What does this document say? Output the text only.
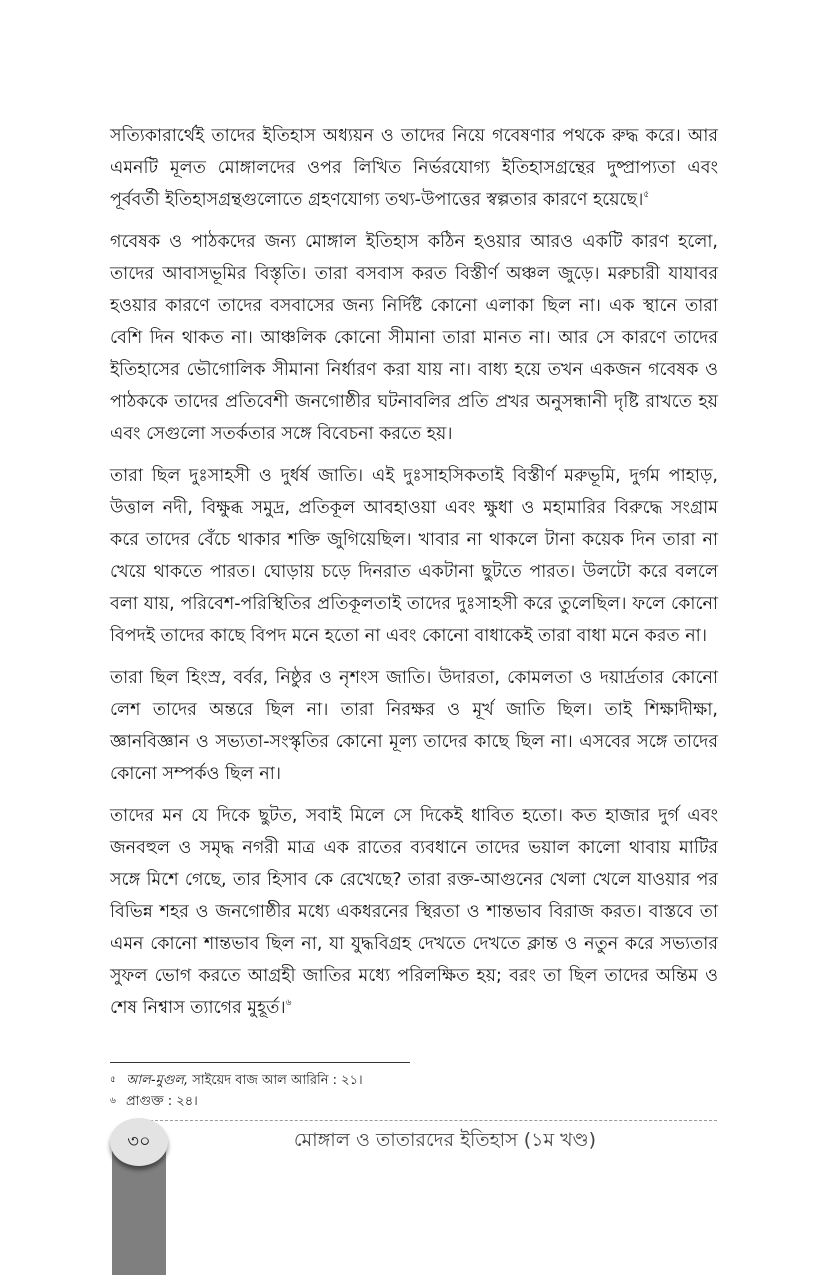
সত্যিকারার্থেই তাদের ইতিহাস অধ্যয়ন ও তাদের নিয়ে গবেষণার পথকে রুদ্ধ করে। আর এমনটি মূলত মোঙ্গালদের ওপর লিখিত নির্ভরযোগ্য ইতিহাসগ্রন্থের দুষ্প্রাপ্যতা এবং পূর্ববর্তী ইতিহাসগ্রন্থগুলোতে গ্রহণযোগ্য তথ্য-উপাত্তের স্বল্পতার কারণে হয়েছে।$^৫$

গবেষক ও পাঠকদের জন্য মোঙ্গাল ইতিহাস কঠিন হওয়ার আরও একটি কারণ হলো, তাদের আবাসভূমির বিস্তৃতি। তারা বসবাস করত বিস্তীর্ণ অঞ্চল জুড়ে। মরুচারী যাযাবর হওয়ার কারণে তাদের বসবাসের জন্য নির্দিষ্ট কোনো এলাকা ছিল না। এক স্থানে তারা বেশি দিন থাকত না। আঞ্চলিক কোনো সীমানা তারা মানত না। আর সে কারণে তাদের ইতিহাসের ভৌগোলিক সীমানা নির্ধারণ করা যায় না। বাধ্য হয়ে তখন একজন গবেষক ও পাঠককে তাদের প্রতিবেশী জনগোষ্ঠীর ঘটনাবলির প্রতি প্রখর অনুসন্ধানী দৃষ্টি রাখতে হয় এবং সেগুলো সতর্কতার সঙ্গে বিবেচনা করতে হয়।

তারা ছিল দুঃসাহসী ও দুর্ধর্ষ জাতি। এই দুঃসাহসিকতাই বিস্তীর্ণ মরুভূমি, দুর্গম পাহাড়, উত্তাল নদী, বিক্ষুব্ধ সমুদ্র, প্রতিকূল আবহাওয়া এবং ক্ষুধা ও মহামারির বিরুদ্ধে সংগ্রাম করে তাদের বেঁচে থাকার শক্তি জুগিয়েছিল। খাবার না থাকলে টানা কয়েক দিন তারা না খেয়ে থাকতে পারত। ঘোড়ায় চড়ে দিনরাত একটানা ছুটতে পারত। উলটো করে বললে বলা যায়, পরিবেশ-পরিস্থিতির প্রতিকূলতাই তাদের দুঃসাহসী করে তুলেছিল। ফলে কোনো বিপদই তাদের কাছে বিপদ মনে হতো না এবং কোনো বাধাকেই তারা বাধা মনে করত না।

তারা ছিল হিংস্র, বর্বর, নিষ্ঠুর ও নৃশংস জাতি। উদারতা, কোমলতা ও দয়ার্দ্রতার কোনো লেশ তাদের অন্তরে ছিল না। তারা নিরক্ষর ও মূর্খ জাতি ছিল। তাই শিক্ষাদীক্ষা, জ্ঞানবিজ্ঞান ও সভ্যতা-সংস্কৃতির কোনো মূল্য তাদের কাছে ছিল না। এসবের সঙ্গে তাদের কোনো সম্পর্কও ছিল না।

তাদের মন যে দিকে ছুটত, সবাই মিলে সে দিকেই ধাবিত হতো। কত হাজার দুর্গ এবং জনবহুল ও সমৃদ্ধ নগরী মাত্র এক রাতের ব্যবধানে তাদের ভয়াল কালো থাবায় মাটির সঙ্গে মিশে গেছে, তার হিসাব কে রেখেছে? তারা রক্ত-আগুনের খেলা খেলে যাওয়ার পর বিভিন্ন শহর ও জনগোষ্ঠীর মধ্যে একধরনের স্থিরতা ও শান্তভাব বিরাজ করত। বাস্তবে তা এমন কোনো শান্তভাব ছিল না, যা যুদ্ধবিগ্রহ দেখতে দেখতে ক্লান্ত ও নতুন করে সভ্যতার সুফল ভোগ করতে আগ্রহী জাতির মধ্যে পরিলক্ষিত হয়; বরং তা ছিল তাদের অন্তিম ও শেষ নিশ্বাস ত্যাগের মুহূর্ত।$^৬$

৫ আল-মুগুল, সাইয়েদ বাজ আল আরিনি : ২১।
৬ প্রাগুক্ত : ২৪।
৩০	মোঙ্গাল ও তাতারদের ইতিহাস (১ম খণ্ড)
